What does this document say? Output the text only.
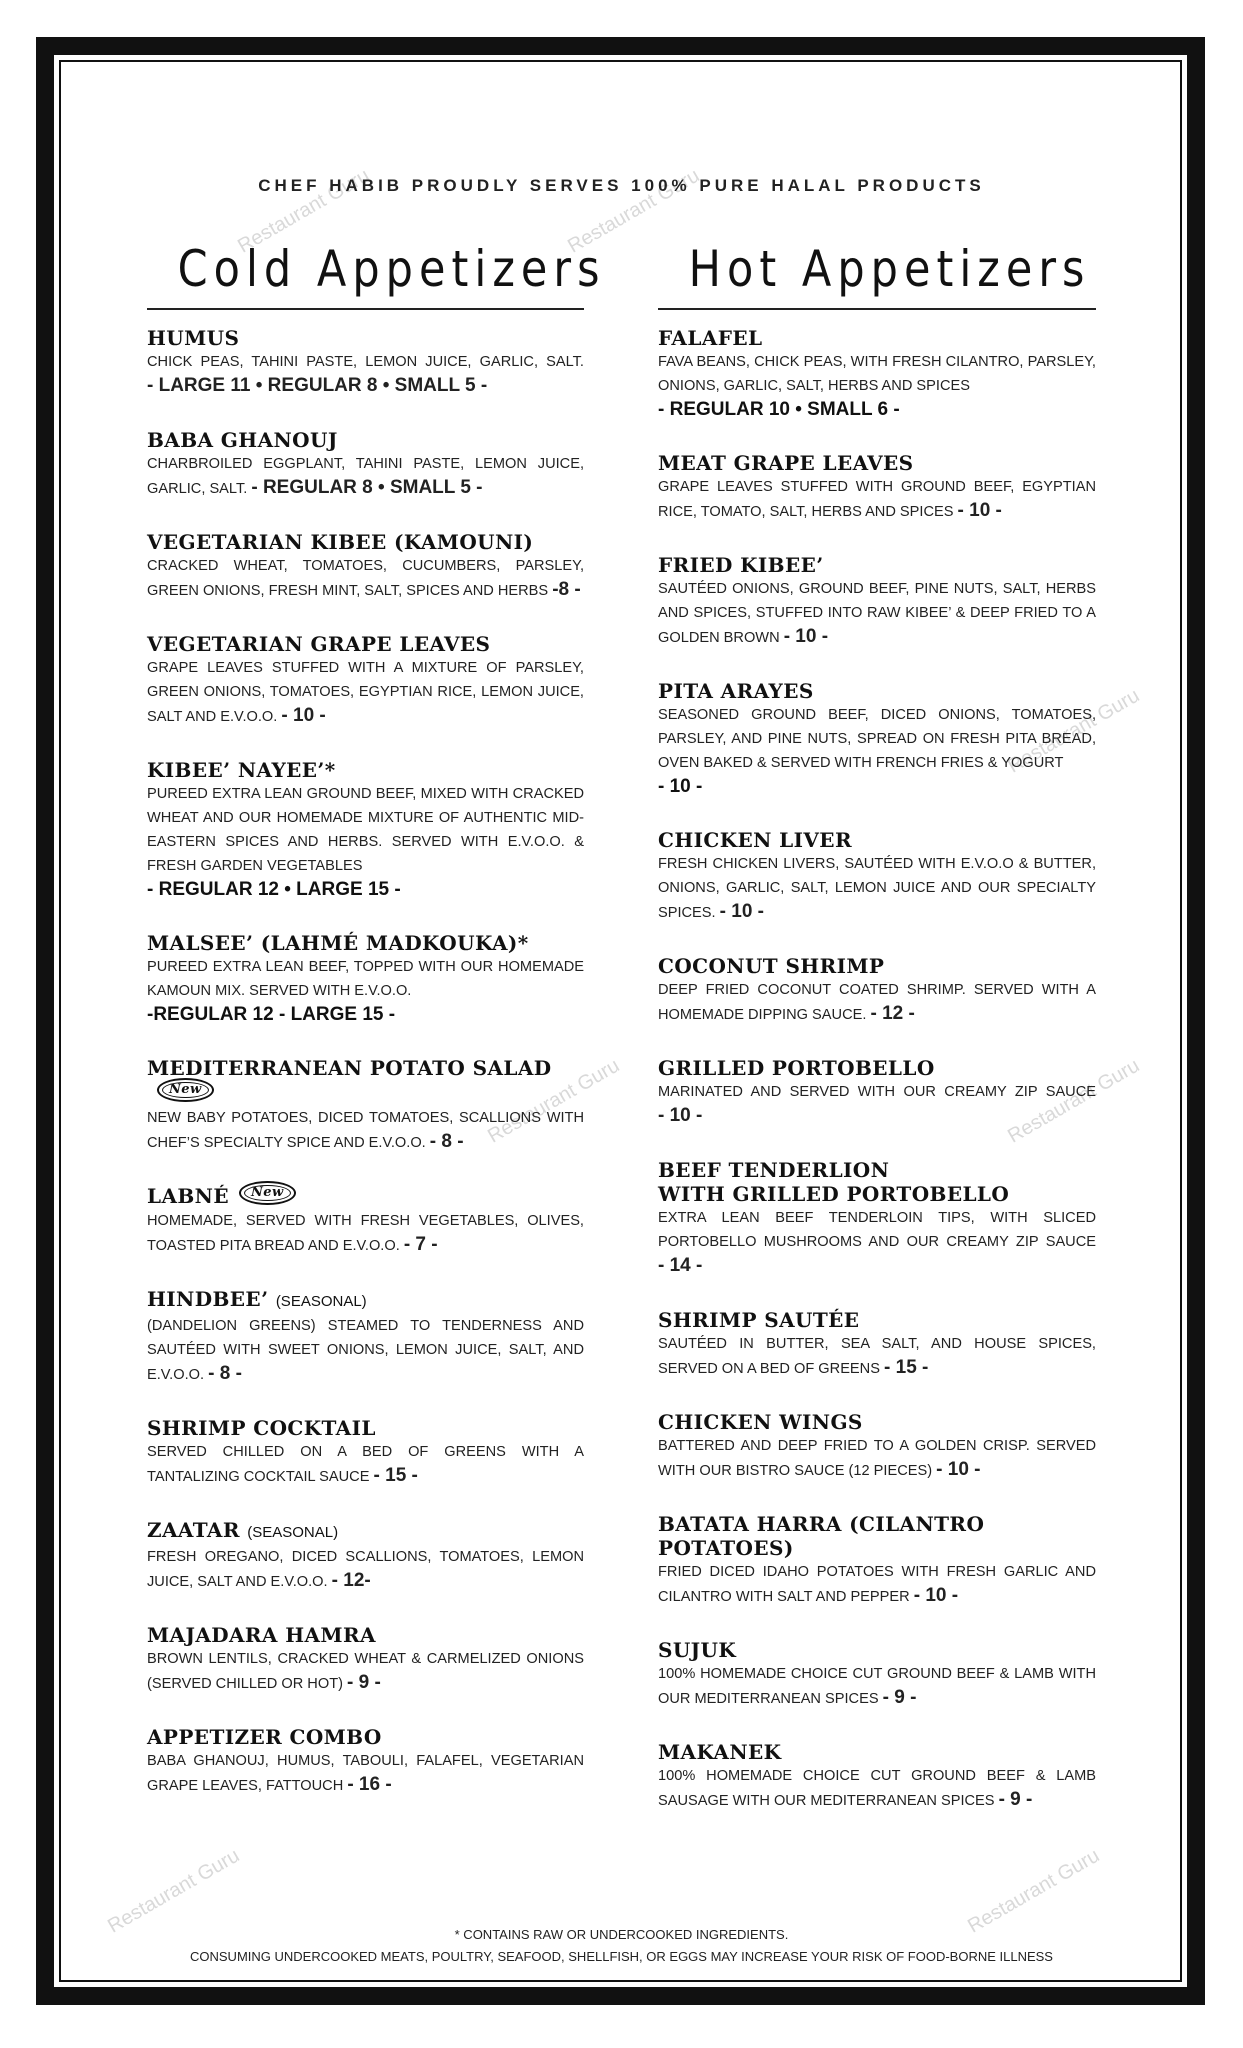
Restaurant Guru	Restaurant Guru
Restaurant Guru
Restaurant Guru	Restaurant Guru
Restaurant Guru	Restaurant Guru
CHEF HABIB PROUDLY SERVES 100% PURE HALAL PRODUCTS
Cold Appetizers
HUMUS
CHICK PEAS, TAHINI PASTE, LEMON JUICE, GARLIC, SALT. - LARGE 11 • REGULAR 8 • SMALL 5 -
BABA GHANOUJ
CHARBROILED EGGPLANT, TAHINI PASTE, LEMON JUICE, GARLIC, SALT. - REGULAR 8 • SMALL 5 -
VEGETARIAN KIBEE (KAMOUNI)
CRACKED WHEAT, TOMATOES, CUCUMBERS, PARSLEY, GREEN ONIONS, FRESH MINT, SALT, SPICES AND HERBS -8 -
VEGETARIAN GRAPE LEAVES
GRAPE LEAVES STUFFED WITH A MIXTURE OF PARSLEY, GREEN ONIONS, TOMATOES, EGYPTIAN RICE, LEMON JUICE, SALT AND E.V.O.O. - 10 -
KIBEE’ NAYEE’*
PUREED EXTRA LEAN GROUND BEEF, MIXED WITH CRACKED WHEAT AND OUR HOMEMADE MIXTURE OF AUTHENTIC MID-EASTERN SPICES AND HERBS. SERVED WITH E.V.O.O. & FRESH GARDEN VEGETABLES
- REGULAR 12 • LARGE 15 -
MALSEE’ (LAHMÉ MADKOUKA)*
PUREED EXTRA LEAN BEEF, TOPPED WITH OUR HOMEMADE KAMOUN MIX. SERVED WITH E.V.O.O.
-REGULAR 12 - LARGE 15 -
MEDITERRANEAN POTATO SALADNew
NEW BABY POTATOES, DICED TOMATOES, SCALLIONS WITH CHEF’S SPECIALTY SPICE AND E.V.O.O. - 8 -
LABNÉ New
HOMEMADE, SERVED WITH FRESH VEGETABLES, OLIVES, TOASTED PITA BREAD AND E.V.O.O. - 7 -
HINDBEE’ (SEASONAL)
(DANDELION GREENS) STEAMED TO TENDERNESS AND SAUTÉED WITH SWEET ONIONS, LEMON JUICE, SALT, AND E.V.O.O. - 8 -
SHRIMP COCKTAIL
SERVED CHILLED ON A BED OF GREENS WITH A TANTALIZING COCKTAIL SAUCE - 15 -
ZAATAR (SEASONAL)
FRESH OREGANO, DICED SCALLIONS, TOMATOES, LEMON JUICE, SALT AND E.V.O.O. - 12-
MAJADARA HAMRA
BROWN LENTILS, CRACKED WHEAT & CARMELIZED ONIONS (SERVED CHILLED OR HOT) - 9 -
APPETIZER COMBO
BABA GHANOUJ, HUMUS, TABOULI, FALAFEL, VEGETARIAN GRAPE LEAVES, FATTOUCH - 16 -
Hot Appetizers
FALAFEL
FAVA BEANS, CHICK PEAS, WITH FRESH CILANTRO, PARSLEY, ONIONS, GARLIC, SALT, HERBS AND SPICES
- REGULAR 10 • SMALL 6 -
MEAT GRAPE LEAVES
GRAPE LEAVES STUFFED WITH GROUND BEEF, EGYPTIAN RICE, TOMATO, SALT, HERBS AND SPICES - 10 -
FRIED KIBEE’
SAUTÉED ONIONS, GROUND BEEF, PINE NUTS, SALT, HERBS AND SPICES, STUFFED INTO RAW KIBEE’ & DEEP FRIED TO A GOLDEN BROWN - 10 -
PITA ARAYES
SEASONED GROUND BEEF, DICED ONIONS, TOMATOES, PARSLEY, AND PINE NUTS, SPREAD ON FRESH PITA BREAD, OVEN BAKED & SERVED WITH FRENCH FRIES & YOGURT
- 10 -
CHICKEN LIVER
FRESH CHICKEN LIVERS, SAUTÉED WITH E.V.O.O & BUTTER, ONIONS, GARLIC, SALT, LEMON JUICE AND OUR SPECIALTY SPICES. - 10 -
COCONUT SHRIMP
DEEP FRIED COCONUT COATED SHRIMP. SERVED WITH A HOMEMADE DIPPING SAUCE. - 12 -
GRILLED PORTOBELLO
MARINATED AND SERVED WITH OUR CREAMY ZIP SAUCE - 10 -
BEEF TENDERLION
WITH GRILLED PORTOBELLO
EXTRA LEAN BEEF TENDERLOIN TIPS, WITH SLICED PORTOBELLO MUSHROOMS AND OUR CREAMY ZIP SAUCE - 14 -
SHRIMP SAUTÉE
SAUTÉED IN BUTTER, SEA SALT, AND HOUSE SPICES, SERVED ON A BED OF GREENS - 15 -
CHICKEN WINGS
BATTERED AND DEEP FRIED TO A GOLDEN CRISP. SERVED WITH OUR BISTRO SAUCE (12 PIECES) - 10 -
BATATA HARRA (CILANTRO POTATOES)
FRIED DICED IDAHO POTATOES WITH FRESH GARLIC AND CILANTRO WITH SALT AND PEPPER - 10 -
SUJUK
100% HOMEMADE CHOICE CUT GROUND BEEF & LAMB WITH OUR MEDITERRANEAN SPICES - 9 -
MAKANEK
100% HOMEMADE CHOICE CUT GROUND BEEF & LAMB SAUSAGE WITH OUR MEDITERRANEAN SPICES - 9 -
* CONTAINS RAW OR UNDERCOOKED INGREDIENTS.
CONSUMING UNDERCOOKED MEATS, POULTRY, SEAFOOD, SHELLFISH, OR EGGS MAY INCREASE YOUR RISK OF FOOD-BORNE ILLNESS
